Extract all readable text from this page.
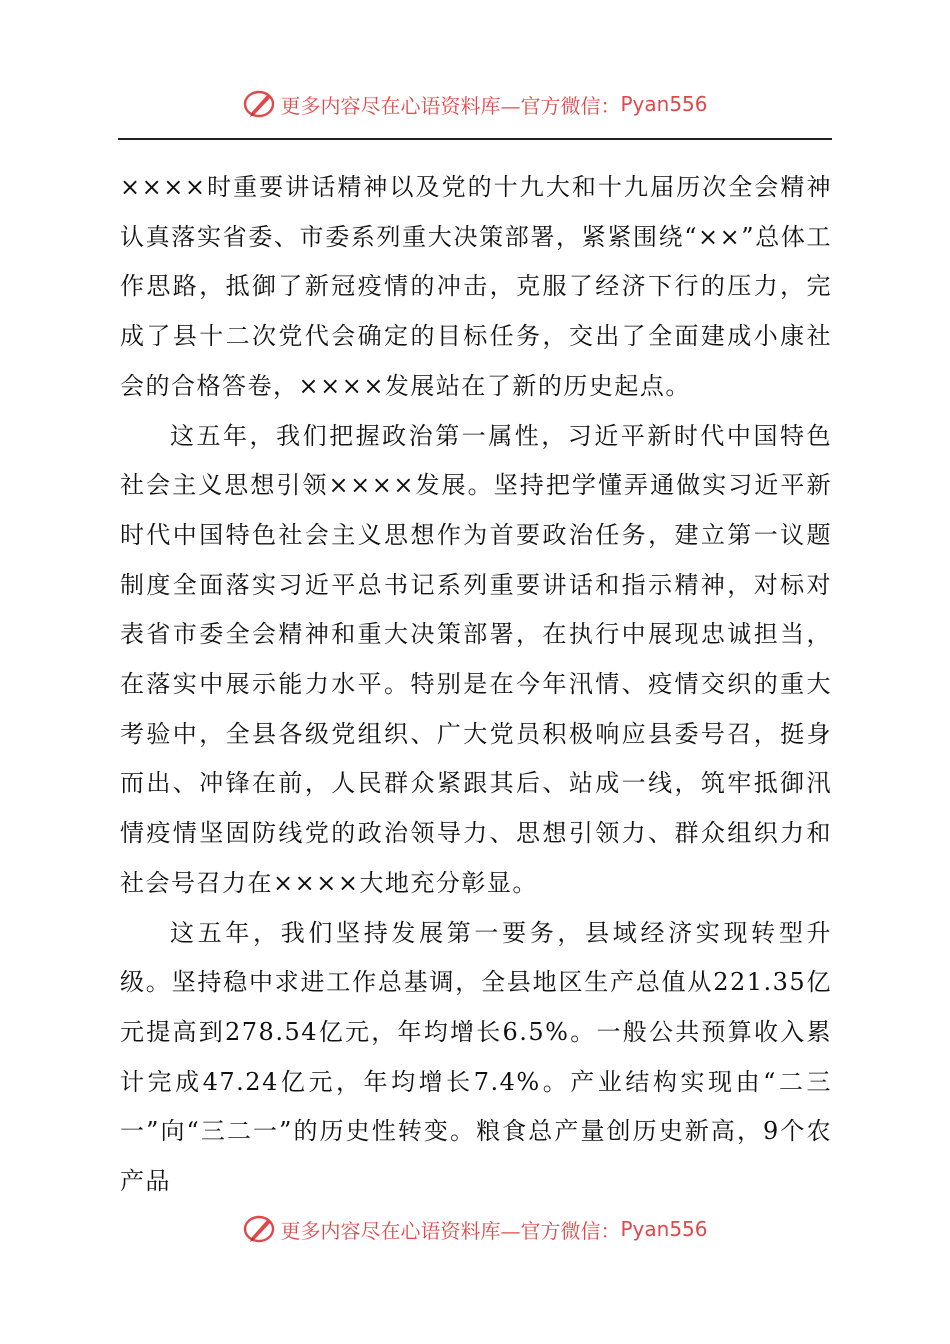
更多内容尽在心语资料库—官方微信： Pyan556

××××时重要讲话精神以及党的十九大和十九届历次全会精神认真落实省委、市委系列重大决策部署，紧紧围绕“××”总体工作思路，抵御了新冠疫情的冲击，克服了经济下行的压力，完成了县十二次党代会确定的目标任务，交出了全面建成小康社会的合格答卷，××××发展站在了新的历史起点。

这五年，我们把握政治第一属性，习近平新时代中国特色社会主义思想引领××××发展。坚持把学懂弄通做实习近平新时代中国特色社会主义思想作为首要政治任务，建立第一议题制度全面落实习近平总书记系列重要讲话和指示精神，对标对表省市委全会精神和重大决策部署，在执行中展现忠诚担当，在落实中展示能力水平。特别是在今年汛情、疫情交织的重大考验中，全县各级党组织、广大党员积极响应县委号召，挺身而出、冲锋在前，人民群众紧跟其后、站成一线，筑牢抵御汛情疫情坚固防线党的政治领导力、思想引领力、群众组织力和社会号召力在××××大地充分彰显。

这五年，我们坚持发展第一要务，县域经济实现转型升级。坚持稳中求进工作总基调，全县地区生产总值从221.35亿元提高到278.54亿元，年均增长6.5%。一般公共预算收入累计完成47.24亿元，年均增长7.4%。产业结构实现由“二三一”向“三二一”的历史性转变。粮食总产量创历史新高，9个农产品

更多内容尽在心语资料库—官方微信： Pyan556
